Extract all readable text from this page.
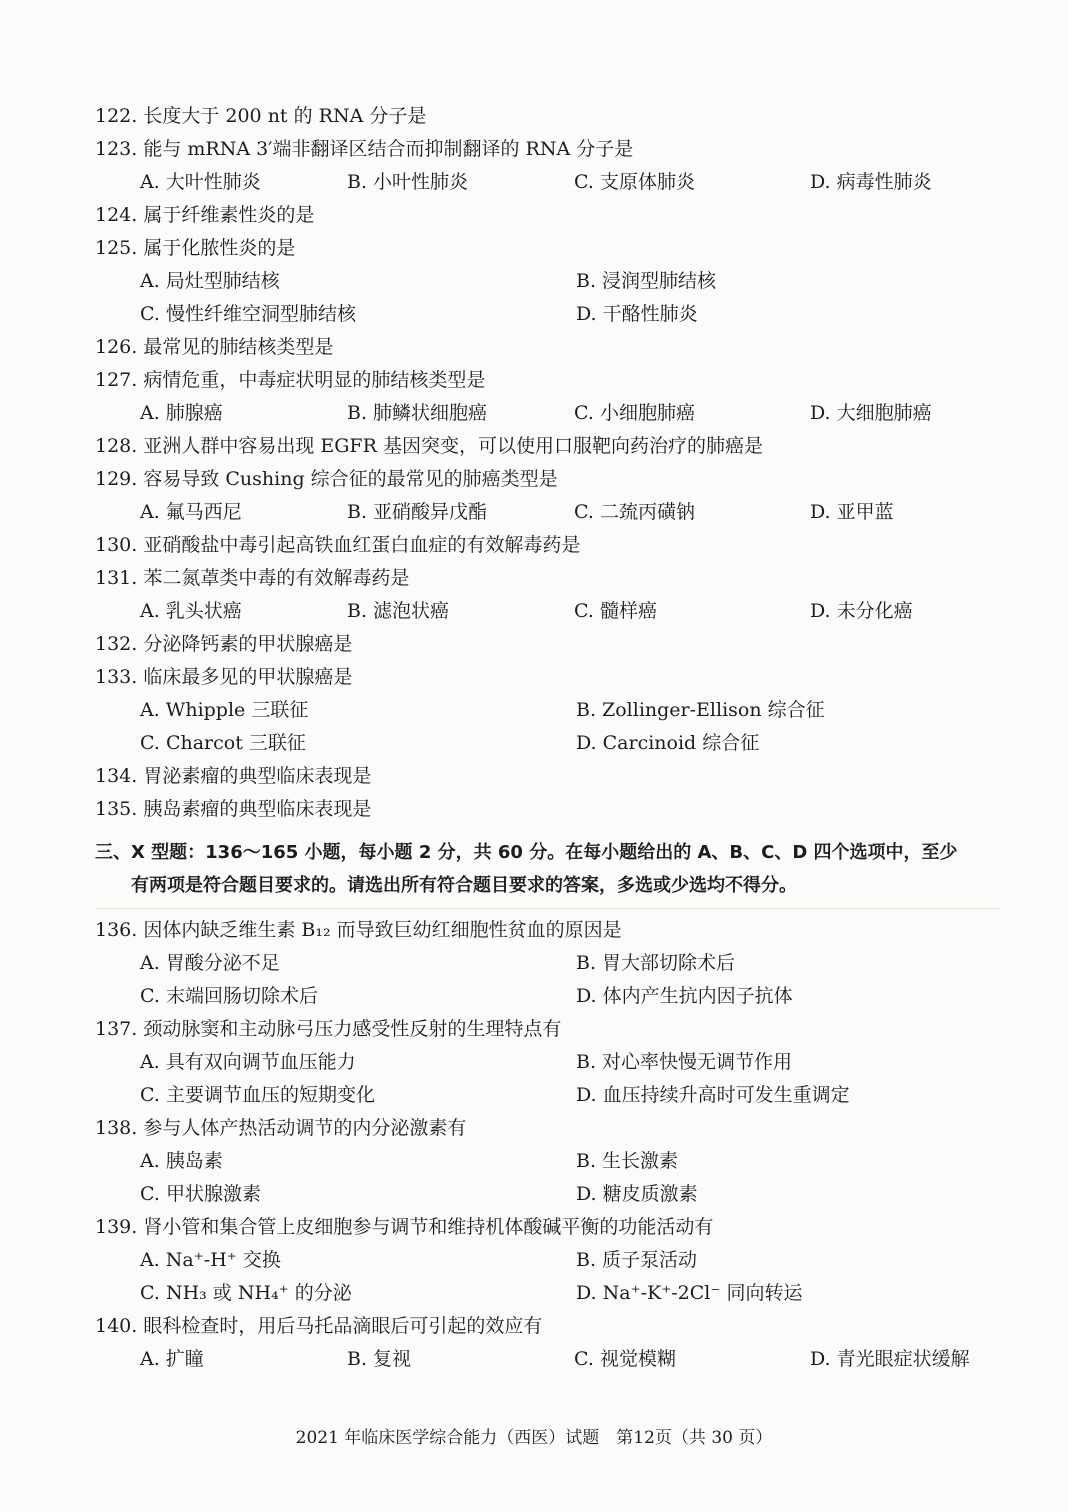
122. 长度大于 200 nt 的 RNA 分子是
123. 能与 mRNA 3′端非翻译区结合而抑制翻译的 RNA 分子是
A. 大叶性肺炎	B. 小叶性肺炎	C. 支原体肺炎	D. 病毒性肺炎
124. 属于纤维素性炎的是
125. 属于化脓性炎的是
A. 局灶型肺结核	B. 浸润型肺结核
C. 慢性纤维空洞型肺结核	D. 干酪性肺炎
126. 最常见的肺结核类型是
127. 病情危重，中毒症状明显的肺结核类型是
A. 肺腺癌	B. 肺鳞状细胞癌	C. 小细胞肺癌	D. 大细胞肺癌
128. 亚洲人群中容易出现 EGFR 基因突变，可以使用口服靶向药治疗的肺癌是
129. 容易导致 Cushing 综合征的最常见的肺癌类型是
A. 氟马西尼	B. 亚硝酸异戊酯	C. 二巯丙磺钠	D. 亚甲蓝
130. 亚硝酸盐中毒引起高铁血红蛋白血症的有效解毒药是
131. 苯二氮䓬类中毒的有效解毒药是
A. 乳头状癌	B. 滤泡状癌	C. 髓样癌	D. 未分化癌
132. 分泌降钙素的甲状腺癌是
133. 临床最多见的甲状腺癌是
A. Whipple 三联征	B. Zollinger-Ellison 综合征
C. Charcot 三联征	D. Carcinoid 综合征
134. 胃泌素瘤的典型临床表现是
135. 胰岛素瘤的典型临床表现是
三、X 型题：136～165 小题，每小题 2 分，共 60 分。在每小题给出的 A、B、C、D 四个选项中，至少
有两项是符合题目要求的。请选出所有符合题目要求的答案，多选或少选均不得分。
136. 因体内缺乏维生素 B₁₂ 而导致巨幼红细胞性贫血的原因是
A. 胃酸分泌不足	B. 胃大部切除术后
C. 末端回肠切除术后	D. 体内产生抗内因子抗体
137. 颈动脉窦和主动脉弓压力感受性反射的生理特点有
A. 具有双向调节血压能力	B. 对心率快慢无调节作用
C. 主要调节血压的短期变化	D. 血压持续升高时可发生重调定
138. 参与人体产热活动调节的内分泌激素有
A. 胰岛素	B. 生长激素
C. 甲状腺激素	D. 糖皮质激素
139. 肾小管和集合管上皮细胞参与调节和维持机体酸碱平衡的功能活动有
A. Na⁺-H⁺ 交换	B. 质子泵活动
C. NH₃ 或 NH₄⁺ 的分泌	D. Na⁺-K⁺-2Cl⁻ 同向转运
140. 眼科检查时，用后马托品滴眼后可引起的效应有
A. 扩瞳	B. 复视	C. 视觉模糊	D. 青光眼症状缓解
2021 年临床医学综合能力（西医）试题　第12页（共 30 页）
